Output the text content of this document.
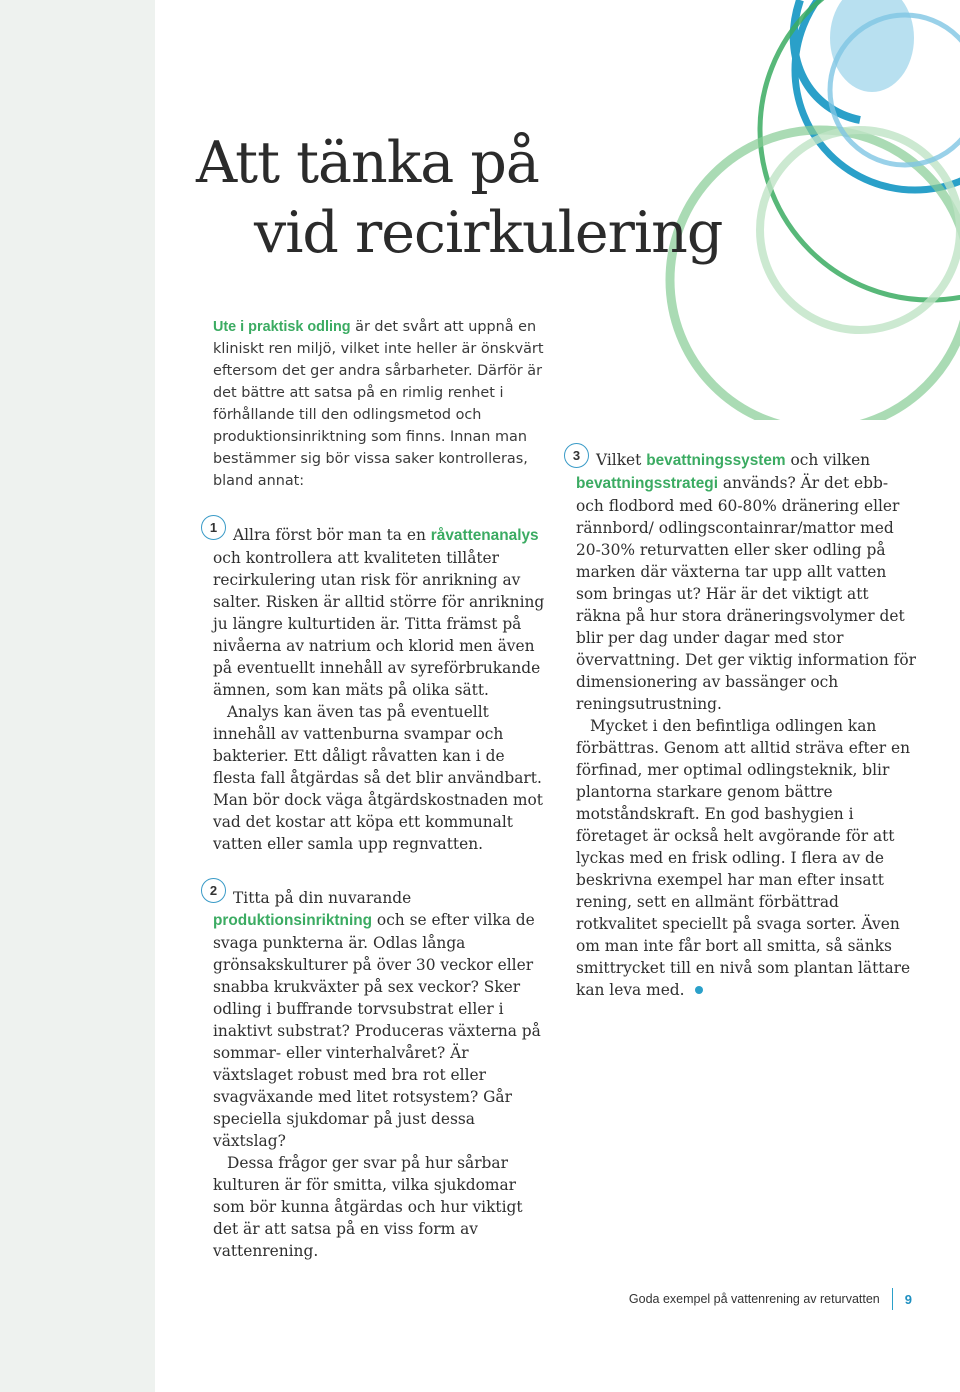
Att tänka på
vid recirkulering

Ute i praktisk odling är det svårt att uppnå en kliniskt ren miljö, vilket inte heller är önskvärt eftersom det ger andra sårbarheter. Därför är det bättre att satsa på en rimlig renhet i förhållande till den odlingsmetod och produktionsinriktning som finns. Innan man bestämmer sig bör vissa saker kontrolleras, bland annat:

1	Allra först bör man ta en råvattenanalys och kontrollera att kvaliteten tillåter recirkulering utan risk för anrikning av salter. Risken är alltid större för anrikning ju längre kulturtiden är. Titta främst på nivåerna av natrium och klorid men även på eventuellt innehåll av syreförbrukande ämnen, som kan mäts på olika sätt.

Analys kan även tas på eventuellt innehåll av vattenburna svampar och bakterier. Ett dåligt råvatten kan i de flesta fall åtgärdas så det blir användbart. Man bör dock väga åtgärdskostnaden mot vad det kostar att köpa ett kommunalt vatten eller samla upp regnvatten.

2	Titta på din nuvarande produktionsinriktning och se efter vilka de svaga punkterna är. Odlas långa grönsakskulturer på över 30 veckor eller snabba krukväxter på sex veckor? Sker odling i buffrande torvsubstrat eller i inaktivt substrat? Produceras växterna på sommar- eller vinterhalvåret? Är växtslaget robust med bra rot eller svagväxande med litet rotsystem? Går speciella sjukdomar på just dessa växtslag?

Dessa frågor ger svar på hur sårbar kulturen är för smitta, vilka sjukdomar som bör kunna åtgärdas och hur viktigt det är att satsa på en viss form av vattenrening.

3	Vilket bevattningssystem och vilken bevattningsstrategi används? Är det ebb- och flodbord med 60-80% dränering eller rännbord/ odlingscontainrar/mattor med 20-30% returvatten eller sker odling på marken där växterna tar upp allt vatten som bringas ut? Här är det viktigt att räkna på hur stora dräneringsvolymer det blir per dag under dagar med stor övervattning. Det ger viktig information för dimensionering av bassänger och reningsutrustning.

Mycket i den befintliga odlingen kan förbättras. Genom att alltid sträva efter en förfinad, mer optimal odlingsteknik, blir plantorna starkare genom bättre motståndskraft. En god bashygien i företaget är också helt avgörande för att lyckas med en frisk odling. I flera av de beskrivna exempel har man efter insatt rening, sett en allmänt förbättrad rotkvalitet speciellt på svaga sorter. Även om man inte får bort all smitta, så sänks smittrycket till en nivå som plantan lättare kan leva med.

Goda exempel på vattenrening av returvatten 9
